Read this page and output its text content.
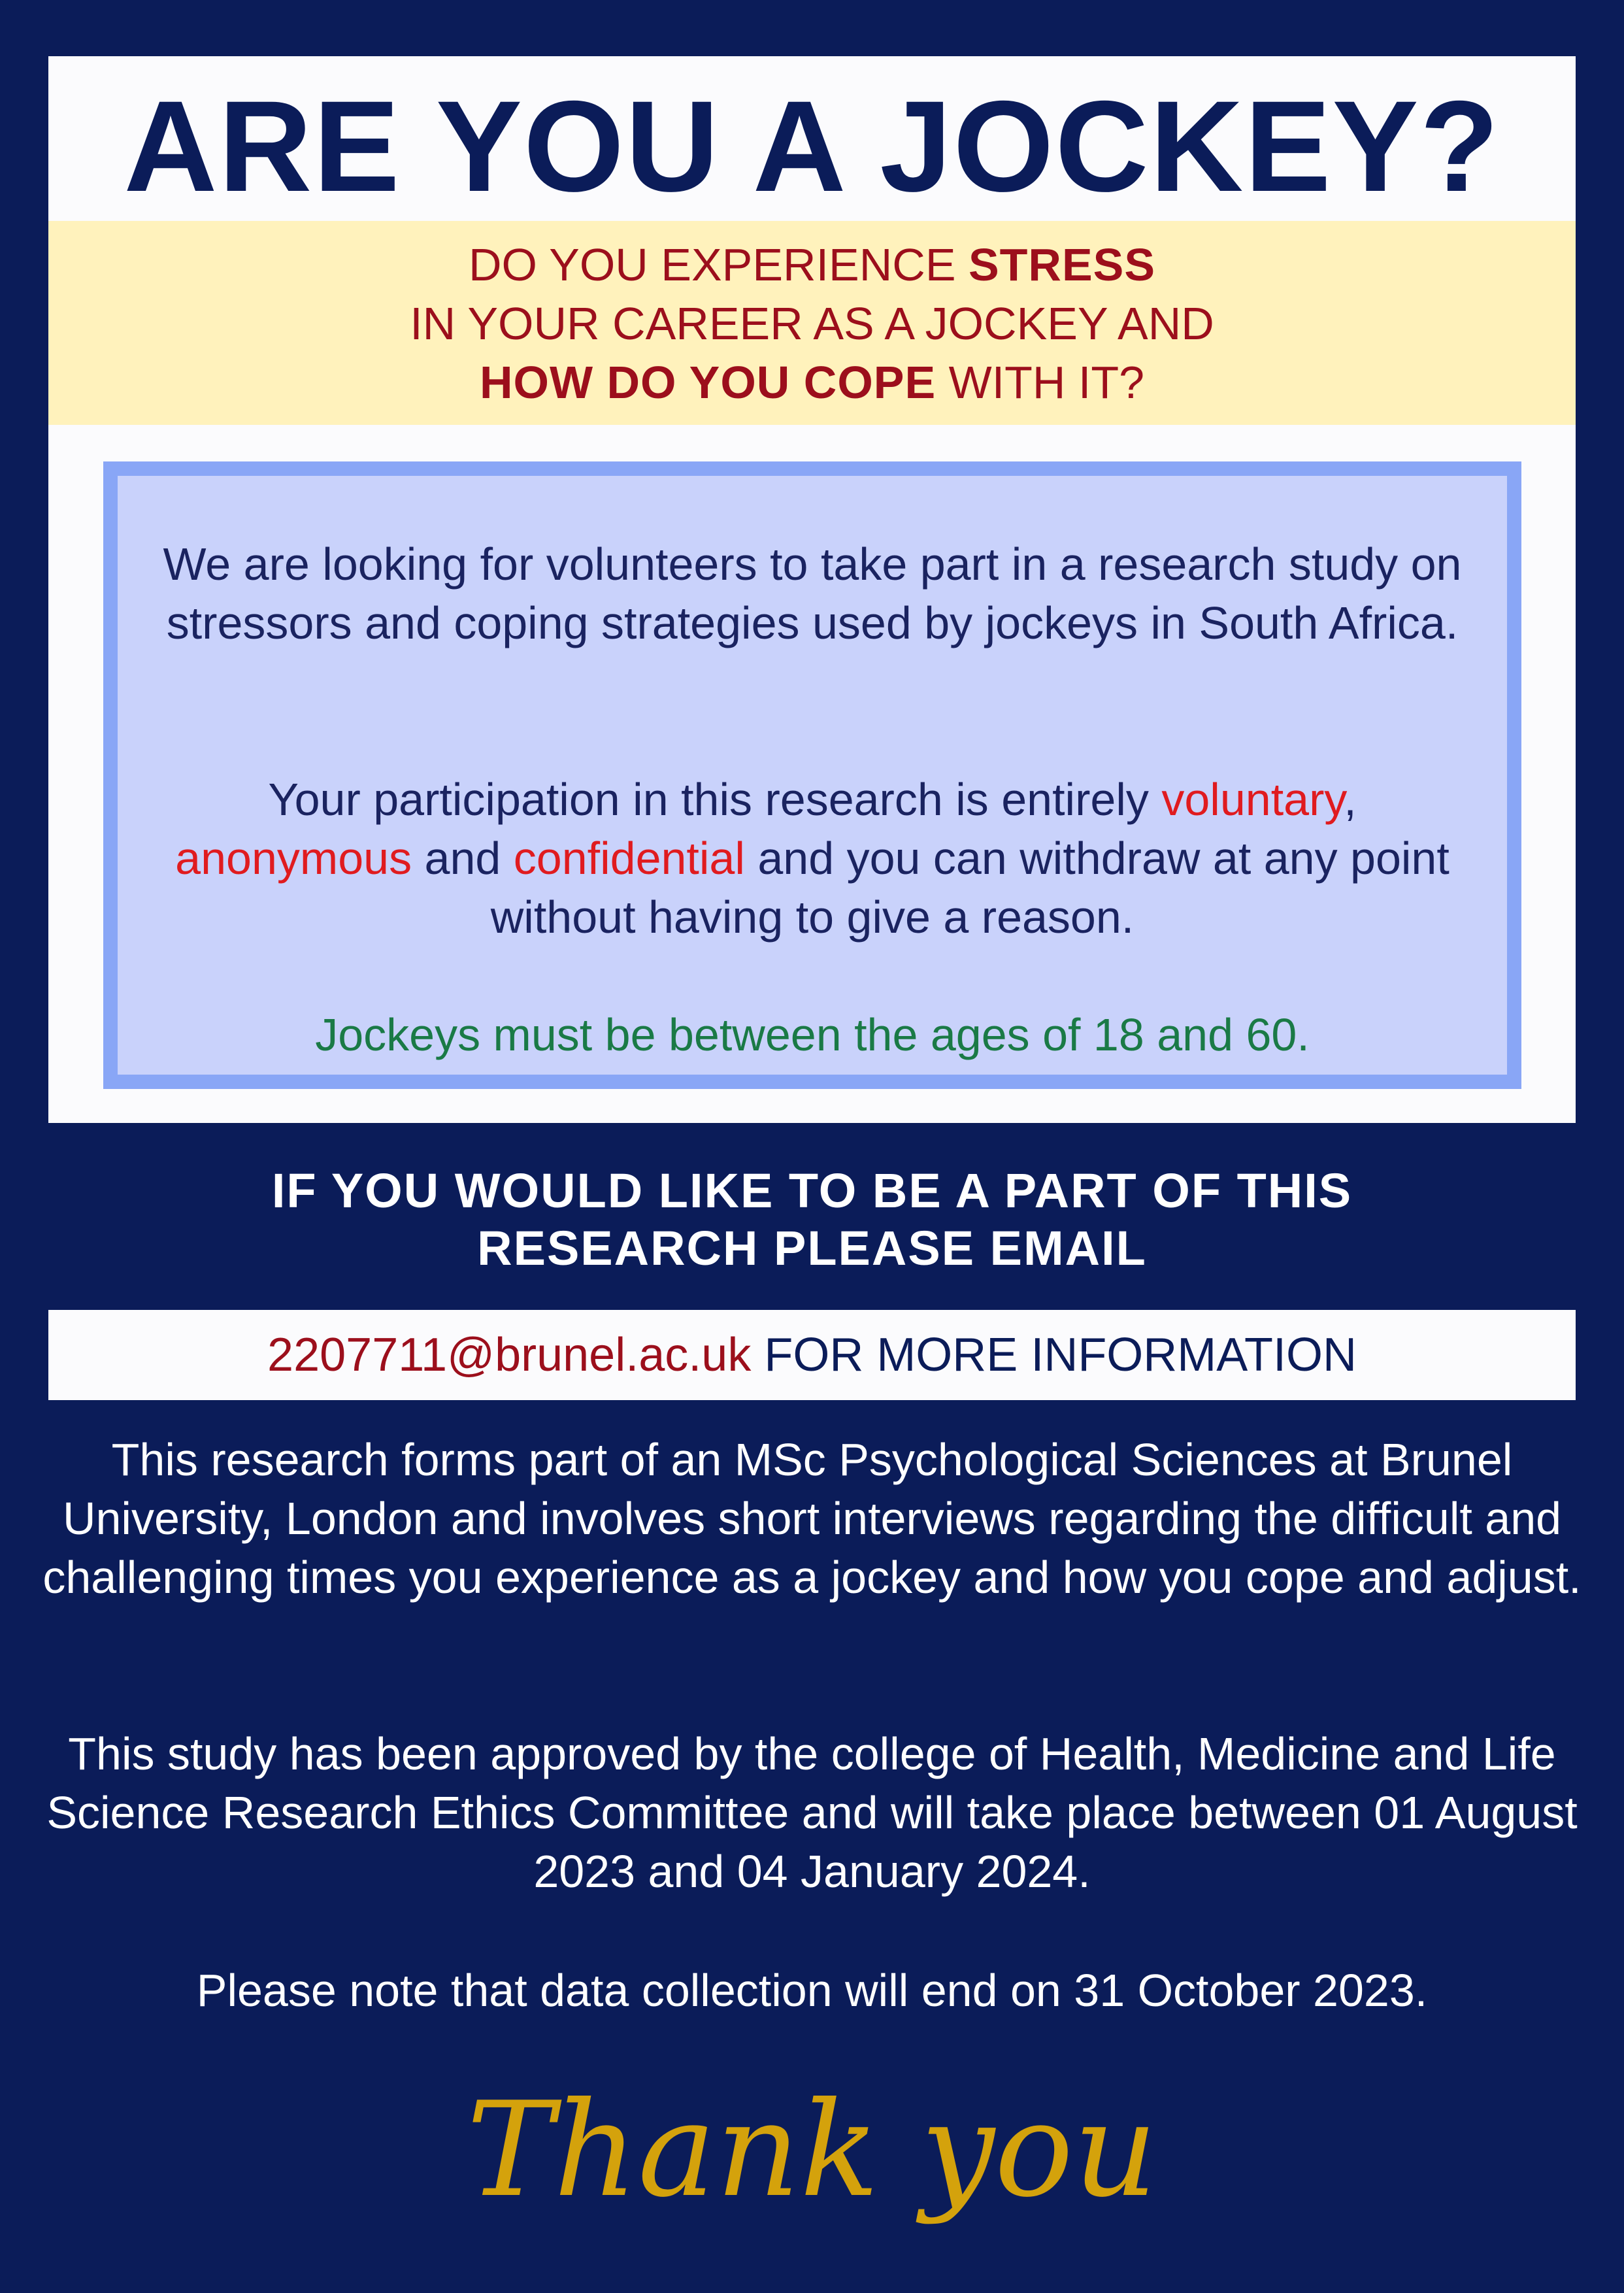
ARE YOU A JOCKEY?
DO YOU EXPERIENCE STRESS
IN YOUR CAREER AS A JOCKEY AND
HOW DO YOU COPE WITH IT?
We are looking for volunteers to take part in a research study on stressors and coping strategies used by jockeys in South Africa.
Your participation in this research is entirely voluntary,
anonymous and confidential and you can withdraw at any point without having to give a reason.
Jockeys must be between the ages of 18 and 60.
IF YOU WOULD LIKE TO BE A PART OF THIS
RESEARCH PLEASE EMAIL
2207711@brunel.ac.uk FOR MORE INFORMATION
This research forms part of an MSc Psychological Sciences at Brunel University, London and involves short interviews regarding the difficult and challenging times you experience as a jockey and how you cope and adjust.
This study has been approved by the college of Health, Medicine and Life Science Research Ethics Committee and will take place between 01 August 2023 and 04 January 2024.
Please note that data collection will end on 31 October 2023.
Thank you
